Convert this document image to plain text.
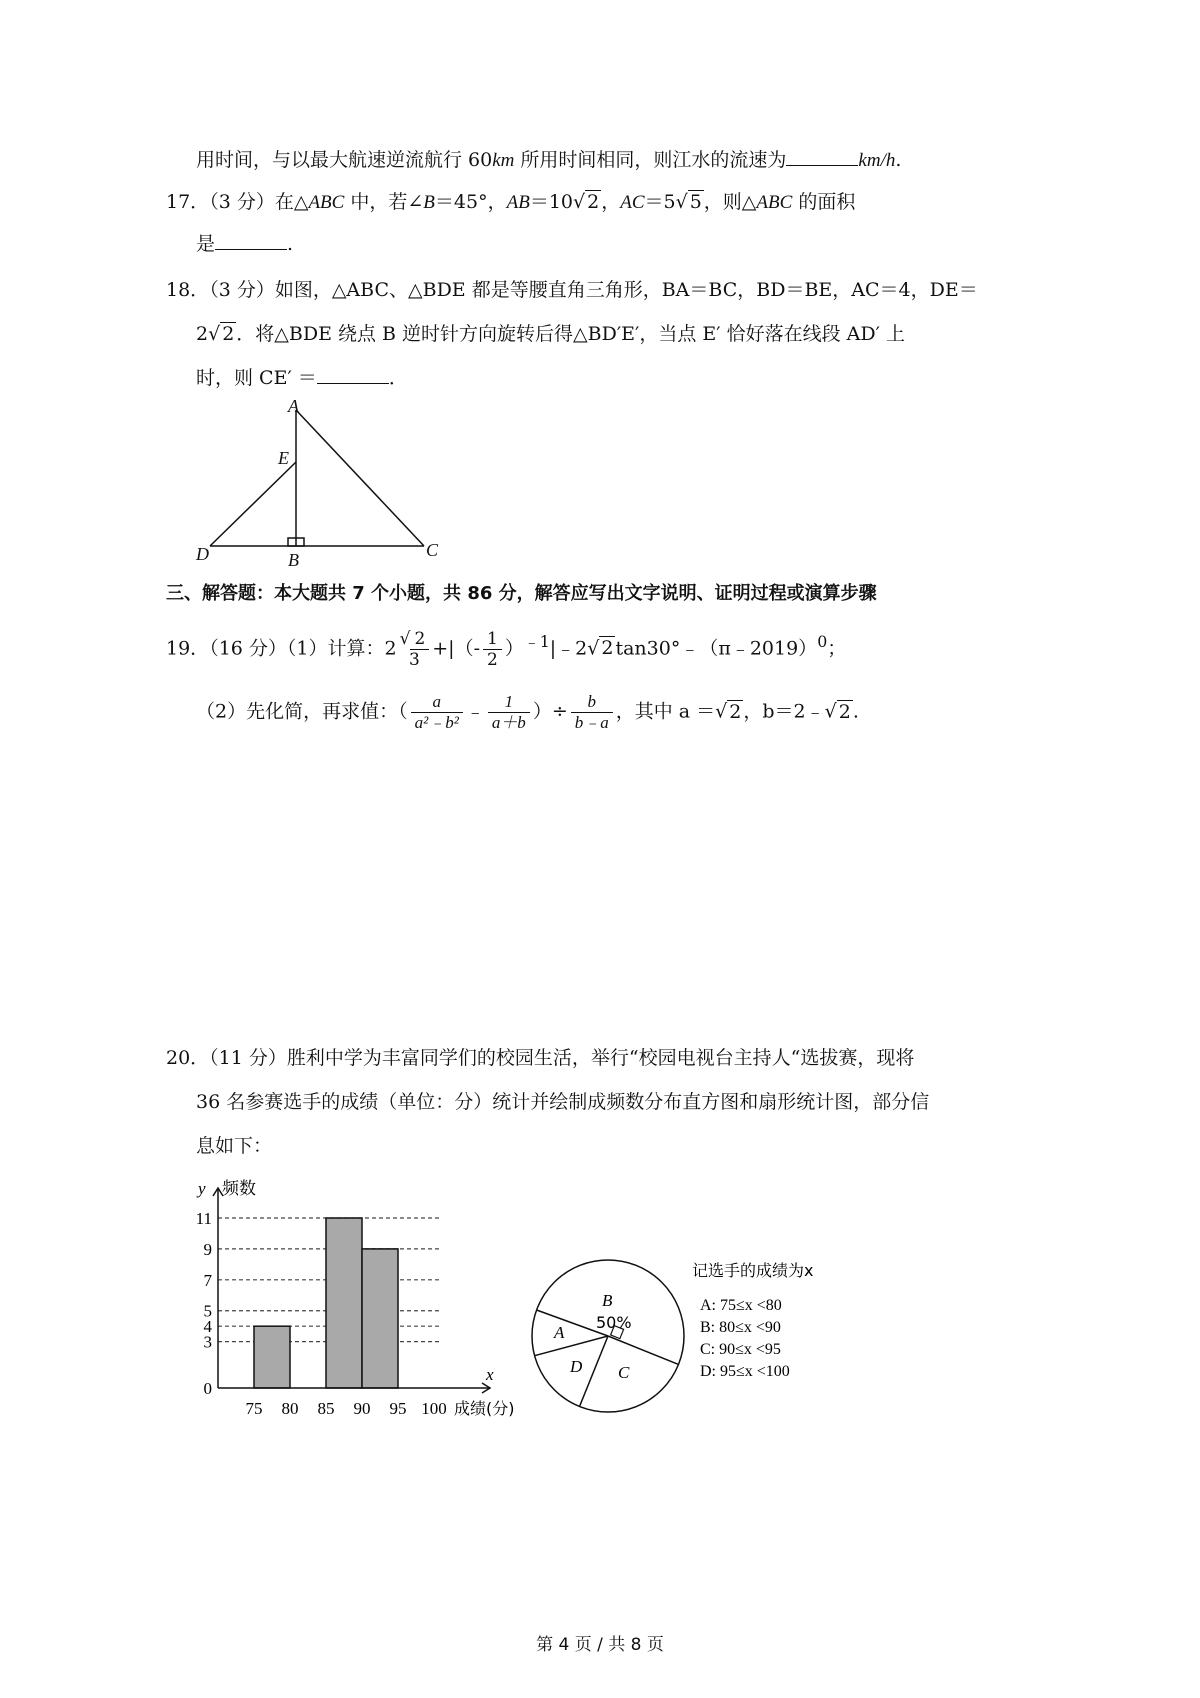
用时间，与以最大航速逆流航行 60km 所用时间相同，则江水的流速为	km/h.
17．（3 分）在△ABC 中，若∠B＝45°，AB＝10√ 2 ，AC＝5√ 5 ，则△ABC 的面积
是	.
18．（3 分）如图，△ABC、△BDE 都是等腰直角三角形，BA＝BC，BD＝BE，AC＝4，DE＝
2√ 2 ．将△BDE 绕点 B 逆时针方向旋转后得△BD′E′，当点 E′ 恰好落在线段 AD′ 上
时，则 CE′ ＝	．
A
E
D	B	C
三、解答题：本大题共 7 个小题，共 86 分，解答应写出文字说明、证明过程或演算步骤
19．（16 分）（1）计算：2 √ 2
3
+|（- $\frac{1}{2}$ ）$^{﹣1}$|﹣2√ 2 tan30°﹣（π﹣2019）$^0$；
（2）先化简，再求值：（ $\frac{a}{\text{a²﹣b²}}$ ﹣ $\frac{1}{a+b}$ ）÷ $\frac{b}{b﹣a}$ ，其中 a ＝√ 2 ，b＝2﹣√ 2 .
20．（11 分）胜利中学为丰富同学们的校园生活，举行“校园电视台主持人“选拔赛，现将
36 名参赛选手的成绩（单位：分）统计并绘制成频数分布直方图和扇形统计图，部分信
息如下：
0
3
4
5
7
9
11
75 80 85 90 95 100
y 频数
x
成绩(分)
B
50%
A
D C
记选手的成绩为x
A: 75≤x <80
B: 80≤x <90
C: 90≤x <95
D: 95≤x <100
第 4 页 / 共 8 页
